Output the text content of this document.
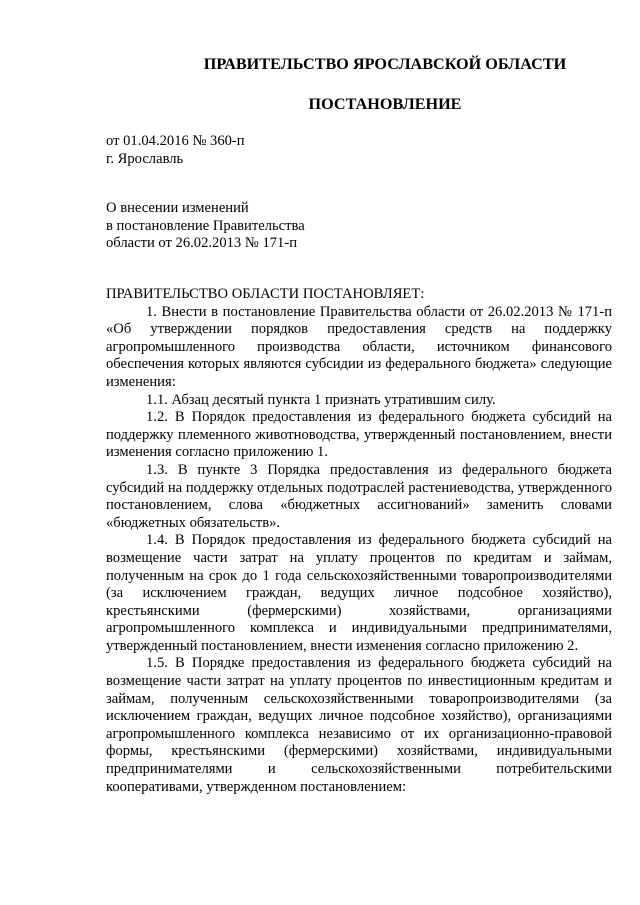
ПРАВИТЕЛЬСТВО ЯРОСЛАВСКОЙ ОБЛАСТИ
ПОСТАНОВЛЕНИЕ
от 01.04.2016 № 360-п
г. Ярославль
О внесении изменений
в постановление Правительства
области от 26.02.2013 № 171-п

ПРАВИТЕЛЬСТВО ОБЛАСТИ ПОСТАНОВЛЯЕТ:

1. Внести в постановление Правительства области от 26.02.2013 № 171-п «Об утверждении порядков предоставления средств на поддержку агропромышленного производства области, источником финансового обеспечения которых являются субсидии из федерального бюджета» следующие изменения:

1.1. Абзац десятый пункта 1 признать утратившим силу.

1.2. В Порядок предоставления из федерального бюджета субсидий на поддержку племенного животноводства, утвержденный постановлением, внести изменения согласно приложению 1.

1.3. В пункте 3 Порядка предоставления из федерального бюджета субсидий на поддержку отдельных подотраслей растениеводства, утвержденного постановлением, слова «бюджетных ассигнований» заменить словами «бюджетных обязательств».

1.4. В Порядок предоставления из федерального бюджета субсидий на возмещение части затрат на уплату процентов по кредитам и займам, полученным на срок до 1 года сельскохозяйственными товаропроизводителями (за исключением граждан, ведущих личное подсобное хозяйство), крестьянскими (фермерскими) хозяйствами, организациями агропромышленного комплекса и индивидуальными предпринимателями, утвержденный постановлением, внести изменения согласно приложению 2.

1.5. В Порядке предоставления из федерального бюджета субсидий на возмещение части затрат на уплату процентов по инвестиционным кредитам и займам, полученным сельскохозяйственными товаропроизводителями (за исключением граждан, ведущих личное подсобное хозяйство), организациями агропромышленного комплекса независимо от их организационно-правовой формы, крестьянскими (фермерскими) хозяйствами, индивидуальными предпринимателями и сельскохозяйственными потребительскими кооперативами, утвержденном постановлением:
